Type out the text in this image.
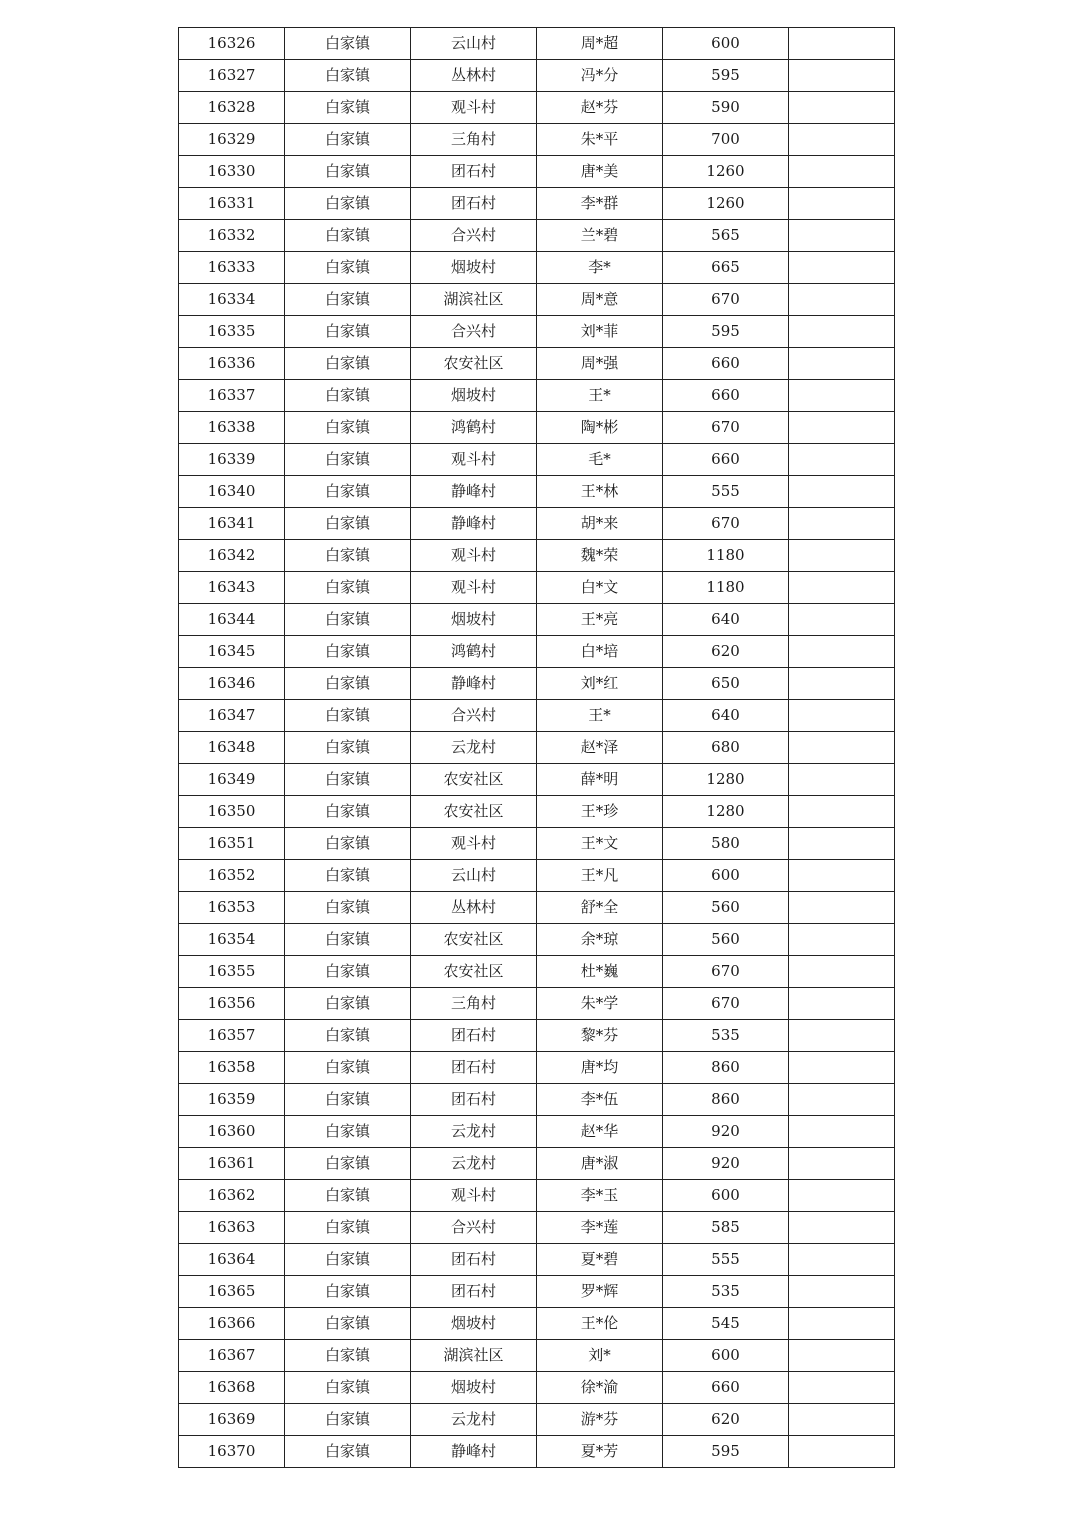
16326	白家镇	云山村	周*超	600	
16327	白家镇	丛林村	冯*分	595	
16328	白家镇	观斗村	赵*芬	590	
16329	白家镇	三角村	朱*平	700	
16330	白家镇	团石村	唐*美	1260	
16331	白家镇	团石村	李*群	1260	
16332	白家镇	合兴村	兰*碧	565	
16333	白家镇	烟坡村	李*	665	
16334	白家镇	湖滨社区	周*意	670	
16335	白家镇	合兴村	刘*菲	595	
16336	白家镇	农安社区	周*强	660	
16337	白家镇	烟坡村	王*	660	
16338	白家镇	鸿鹤村	陶*彬	670	
16339	白家镇	观斗村	毛*	660	
16340	白家镇	静峰村	王*林	555	
16341	白家镇	静峰村	胡*来	670	
16342	白家镇	观斗村	魏*荣	1180	
16343	白家镇	观斗村	白*文	1180	
16344	白家镇	烟坡村	王*亮	640	
16345	白家镇	鸿鹤村	白*培	620	
16346	白家镇	静峰村	刘*红	650	
16347	白家镇	合兴村	王*	640	
16348	白家镇	云龙村	赵*泽	680	
16349	白家镇	农安社区	薛*明	1280	
16350	白家镇	农安社区	王*珍	1280	
16351	白家镇	观斗村	王*文	580	
16352	白家镇	云山村	王*凡	600	
16353	白家镇	丛林村	舒*全	560	
16354	白家镇	农安社区	余*琼	560	
16355	白家镇	农安社区	杜*巍	670	
16356	白家镇	三角村	朱*学	670	
16357	白家镇	团石村	黎*芬	535	
16358	白家镇	团石村	唐*均	860	
16359	白家镇	团石村	李*伍	860	
16360	白家镇	云龙村	赵*华	920	
16361	白家镇	云龙村	唐*淑	920	
16362	白家镇	观斗村	李*玉	600	
16363	白家镇	合兴村	李*莲	585	
16364	白家镇	团石村	夏*碧	555	
16365	白家镇	团石村	罗*辉	535	
16366	白家镇	烟坡村	王*伦	545	
16367	白家镇	湖滨社区	刘*	600	
16368	白家镇	烟坡村	徐*渝	660	
16369	白家镇	云龙村	游*芬	620	
16370	白家镇	静峰村	夏*芳	595	
